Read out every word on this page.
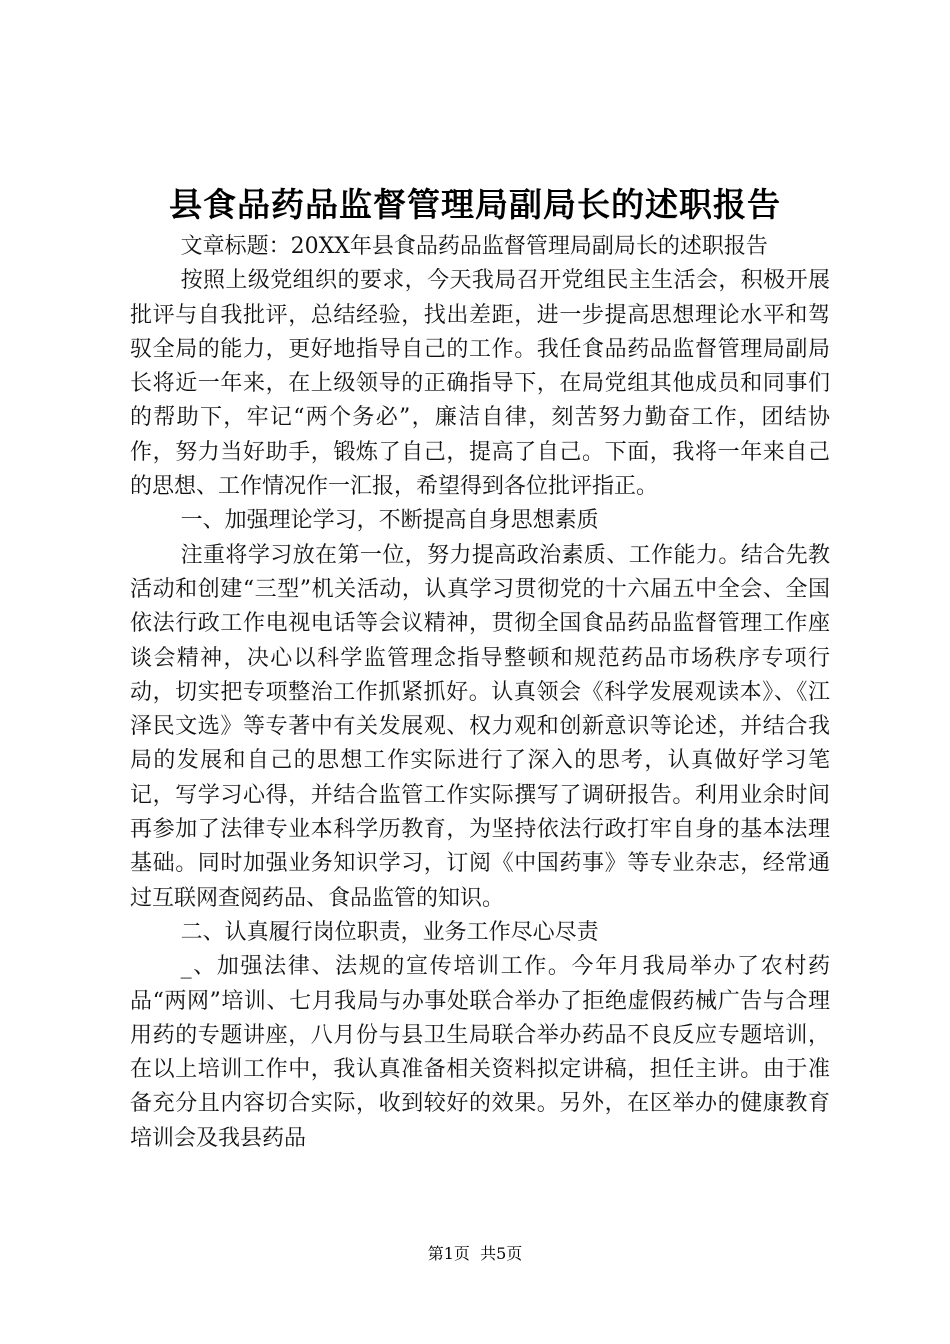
县食品药品监督管理局副局长的述职报告

文章标题：20XX年县食品药品监督管理局副局长的述职报告

按照上级党组织的要求，今天我局召开党组民主生活会，积极开展批评与自我批评，总结经验，找出差距，进一步提高思想理论水平和驾驭全局的能力，更好地指导自己的工作。我任食品药品监督管理局副局长将近一年来，在上级领导的正确指导下，在局党组其他成员和同事们的帮助下，牢记“两个务必”，廉洁自律，刻苦努力勤奋工作，团结协作，努力当好助手，锻炼了自己，提高了自己。下面，我将一年来自己的思想、工作情况作一汇报，希望得到各位批评指正。

一、加强理论学习，不断提高自身思想素质

注重将学习放在第一位，努力提高政治素质、工作能力。结合先教活动和创建“三型”机关活动，认真学习贯彻党的十六届五中全会、全国依法行政工作电视电话等会议精神，贯彻全国食品药品监督管理工作座谈会精神，决心以科学监管理念指导整顿和规范药品市场秩序专项行动，切实把专项整治工作抓紧抓好。认真领会《科学发展观读本》、《江泽民文选》等专著中有关发展观、权力观和创新意识等论述，并结合我局的发展和自己的思想工作实际进行了深入的思考，认真做好学习笔记，写学习心得，并结合监管工作实际撰写了调研报告。利用业余时间再参加了法律专业本科学历教育，为坚持依法行政打牢自身的基本法理基础。同时加强业务知识学习，订阅《中国药事》等专业杂志，经常通过互联网查阅药品、食品监管的知识。

二、认真履行岗位职责，业务工作尽心尽责

_、加强法律、法规的宣传培训工作。今年月我局举办了农村药品“两网”培训、七月我局与办事处联合举办了拒绝虚假药械广告与合理用药的专题讲座，八月份与县卫生局联合举办药品不良反应专题培训，在以上培训工作中，我认真准备相关资料拟定讲稿，担任主讲。由于准备充分且内容切合实际，收到较好的效果。另外，在区举办的健康教育培训会及我县药品

第1页 共5页
